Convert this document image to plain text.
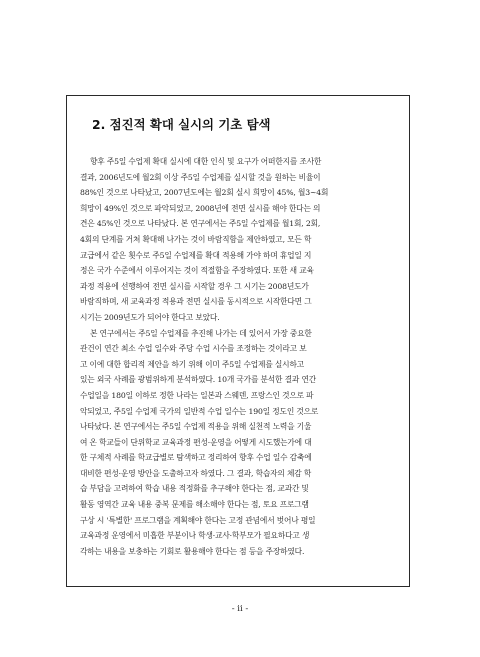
2. 점진적 확대 실시의 기초 탐색
향후 주5일 수업제 확대 실시에 대한 인식 및 요구가 어떠한지를 조사한
결과, 2006년도에 월2회 이상 주5일 수업제를 실시할 것을 원하는 비율이
88%인 것으로 나타났고, 2007년도에는 월2회 실시 희망이 45%, 월3~4회
희망이 49%인 것으로 파악되었고, 2008년에 전면 실시를 해야 한다는 의
견은 45%인 것으로 나타났다. 본 연구에서는 주5일 수업제를 월1회, 2회,
4회의 단계를 거쳐 확대해 나가는 것이 바람직함을 제안하였고, 모든 학
교급에서 같은 횟수로 주5일 수업제를 확대 적용해 가야 하며 휴업일 지
정은 국가 수준에서 이루어지는 것이 적절함을 주장하였다. 또한 새 교육
과정 적용에 선행하여 전면 실시를 시작할 경우 그 시기는 2008년도가
바람직하며, 새 교육과정 적용과 전면 실시를 동시적으로 시작한다면 그
시기는 2009년도가 되어야 한다고 보았다.
본 연구에서는 주5일 수업제를 추진해 나가는 데 있어서 가장 중요한
관건이 연간 최소 수업 일수와 주당 수업 시수를 조정하는 것이라고 보
고 이에 대한 합리적 제안을 하기 위해 이미 주5일 수업제를 실시하고
있는 외국 사례를 광범위하게 분석하였다. 10개 국가를 분석한 결과 연간
수업일을 180일 이하로 정한 나라는 일본과 스웨덴, 프랑스인 것으로 파
악되었고, 주5일 수업제 국가의 일반적 수업 일수는 190일 정도인 것으로
나타났다. 본 연구에서는 주5일 수업제 적용을 위해 실천적 노력을 기울
여 온 학교들이 단위학교 교육과정 편성·운영을 어떻게 시도했는가에 대
한 구체적 사례를 학교급별로 탐색하고 정리하여 향후 수업 일수 감축에
대비한 편성·운영 방안을 도출하고자 하였다. 그 결과, 학습자의 체감 학
습 부담을 고려하여 학습 내용 적정화를 추구해야 한다는 점, 교과간 및
활동 영역간 교육 내용 중복 문제를 해소해야 한다는 점, 토요 프로그램
구상 시 '특별한' 프로그램을 계획해야 한다는 고정 관념에서 벗어나 평일
교육과정 운영에서 미흡한 부분이나 학생·교사·학부모가 필요하다고 생
각하는 내용을 보충하는 기회로 활용해야 한다는 점 등을 주장하였다.
- ii -
